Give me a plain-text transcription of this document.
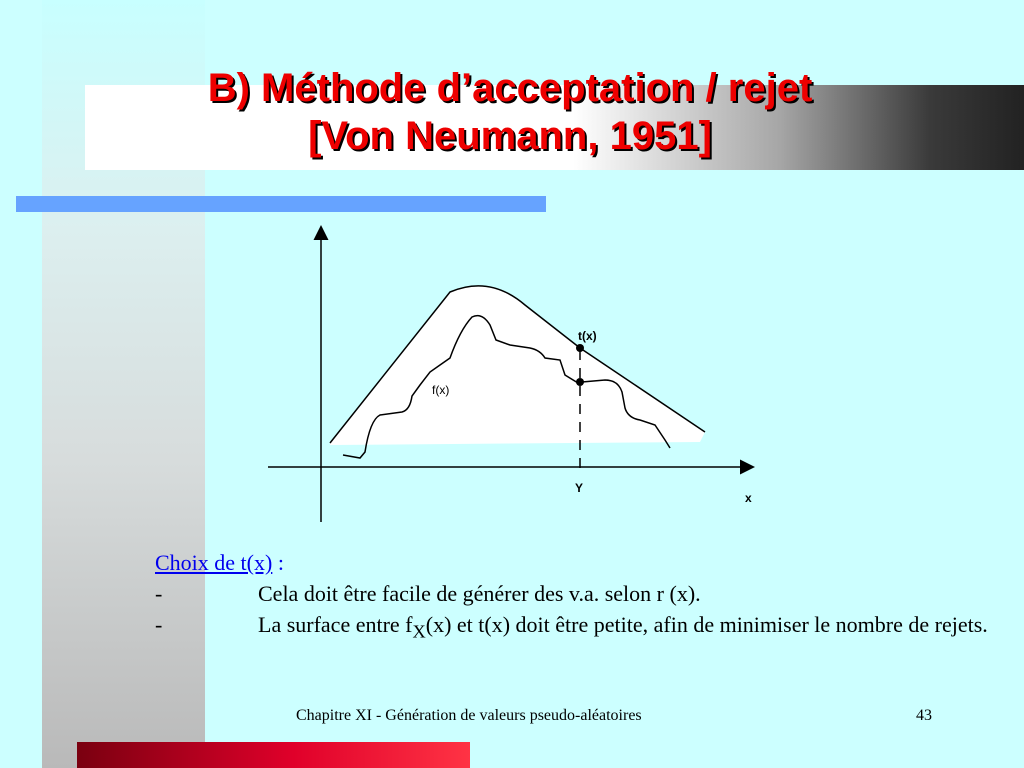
B) Méthode d’acceptation / rejet
[Von Neumann, 1951]
t(x)
f(x)
Y
x
Choix de t(x) :
-	Cela doit être facile de générer des v.a. selon r (x).
-	La surface entre $f_X(x)$ et t(x) doit être petite, afin de minimiser le nombre de rejets.
Chapitre XI - Génération de valeurs pseudo-aléatoires	43
